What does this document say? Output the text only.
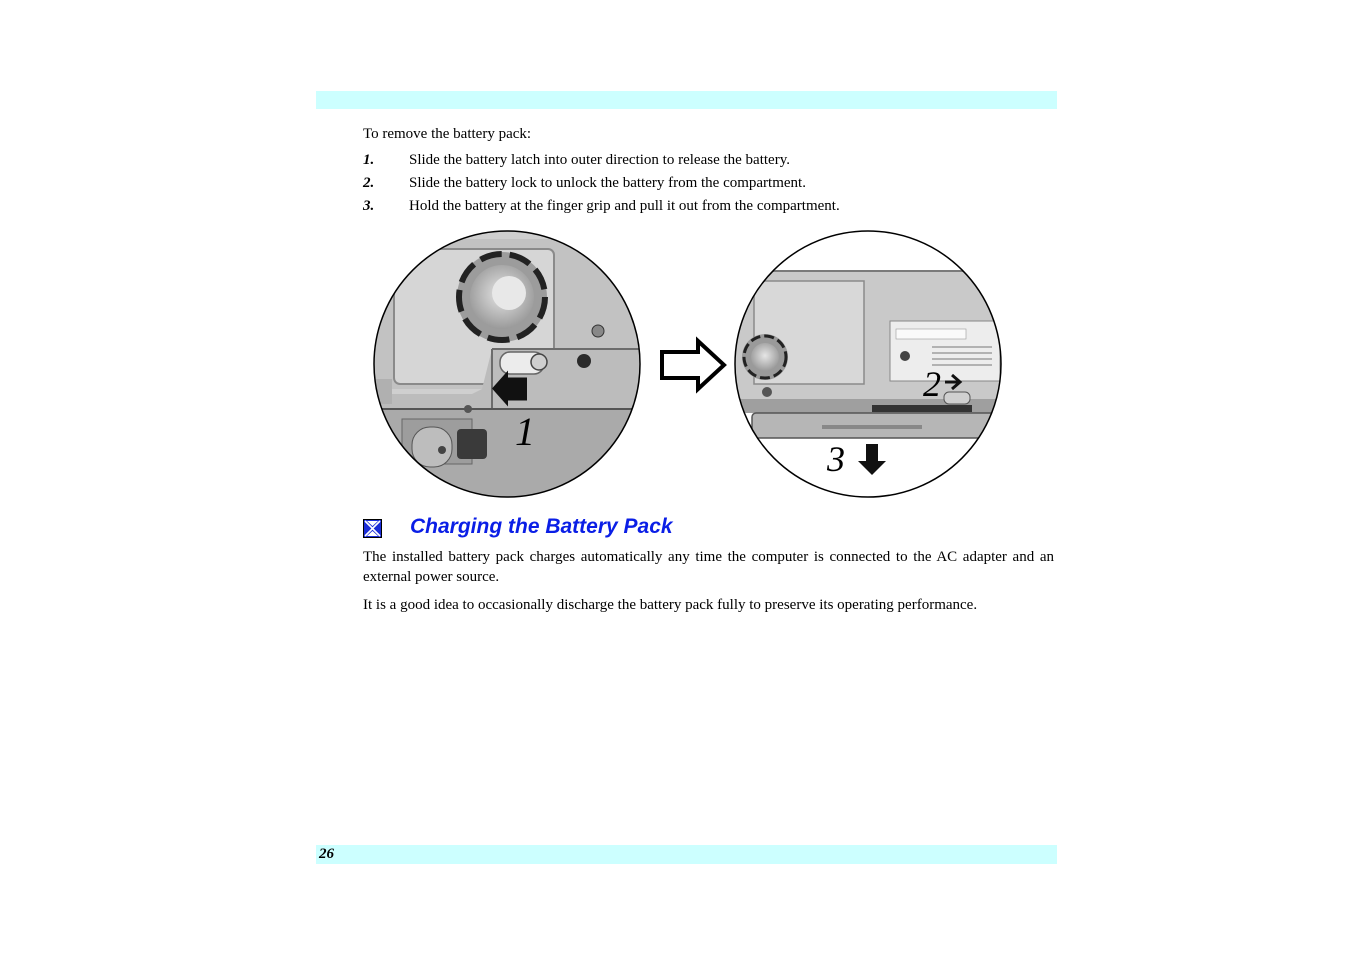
To remove the battery pack:
1. Slide the battery latch into outer direction to release the battery.
2. Slide the battery lock to unlock the battery from the compartment.
3. Hold the battery at the finger grip and pull it out from the compartment.
1
2
3
Charging the Battery Pack
The installed battery pack charges automatically any time the computer is connected to the AC adapter and an external power source.
It is a good idea to occasionally discharge the battery pack fully to preserve its operating performance.
26
